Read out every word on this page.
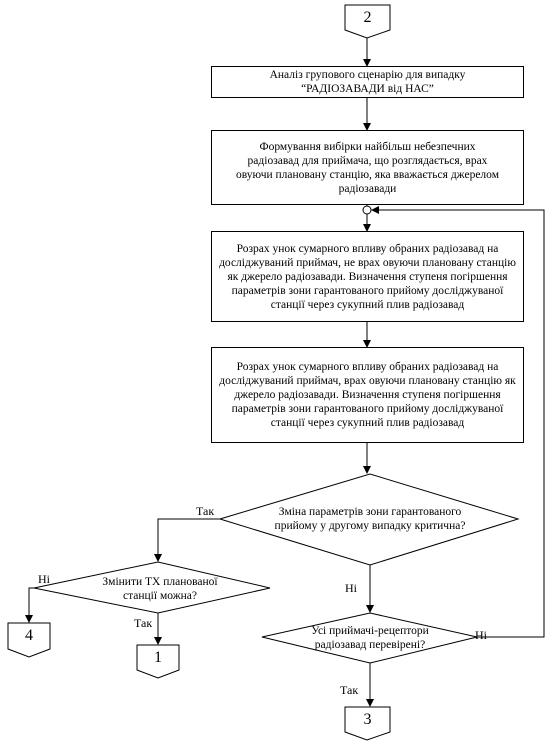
2
3
4
1
Аналіз групового сценарію для випадку
“РАДІОЗАВАДИ від НАС”
Формування вибірки найбільш небезпечних радіозавад для приймача, що розглядається, врах овуючи плановану станцію, яка вважається джерелом радіозавади
Розрах унок сумарного впливу обраних радіозавад на досліджуваний приймач, не врах овуючи плановану станцію як джерело радіозавади. Визначення ступеня погіршення параметрів зони гарантованого прийому досліджуваної станції через сукупний плив радіозавад
Розрах унок сумарного впливу обраних радіозавад на досліджуваний приймач, врах овуючи плановану станцію як джерело радіозавади. Визначення ступеня погіршення параметрів зони гарантованого прийому досліджуваної станції через сукупний плив радіозавад
Зміна параметрів зони гарантованого
прийому у другому випадку критична?
Змінити ТХ планованої
станції можна?
Усі приймачі-рецептори
радіозавад перевірені?
Так
Ні
Ні
Так
Ні
Так
